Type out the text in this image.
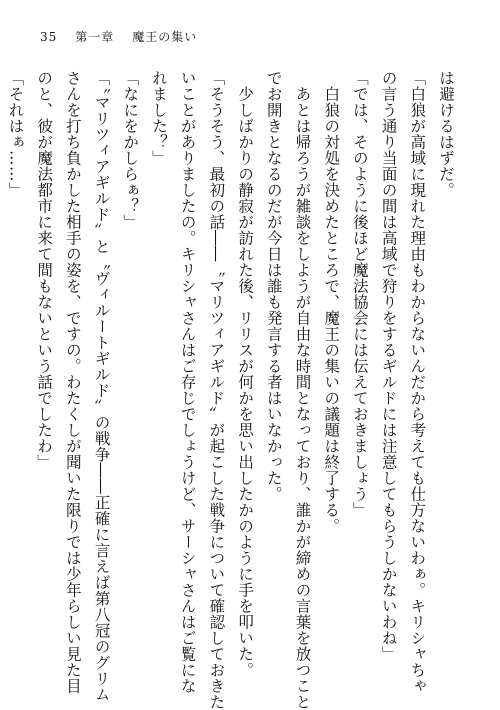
35 第一章 魔王の集い
は避けるはずだ。
「白狼が高域に現れた理由もわからないんだから考えても仕方ないわぁ。キリシャちゃ
の言う通り当面の間は高域で狩りをするギルドには注意してもらうしかないわね」
「では、そのように後ほど魔法協会には伝えておきましょう」
　白狼の対処を決めたところで、魔王の集いの議題は終了する。
　あとは帰ろうが雑談をしようが自由な時間となっており、誰かが締めの言葉を放つこと
でお開きとなるのだが今日は誰も発言する者はいなかった。
　少しばかりの静寂が訪れた後、リリスが何かを思い出したかのように手を叩いた。
「そうそう、最初の話――〝マリツィアギルド〟が起こした戦争について確認しておきた
いことがありましたの。キリシャさんはご存じでしょうけど、サーシャさんはご覧にな
れました？」
「なにをかしらぁ？」
「〝マリツィアギルド〟と〝ヴィルートギルド〟の戦争――正確に言えば第八冠のグリム
さんを打ち負かした相手の姿を、ですの。わたくしが聞いた限りでは少年らしい見た目
のと、彼が魔法都市に来て間もないという話でしたわ」
「それはぁ……」
